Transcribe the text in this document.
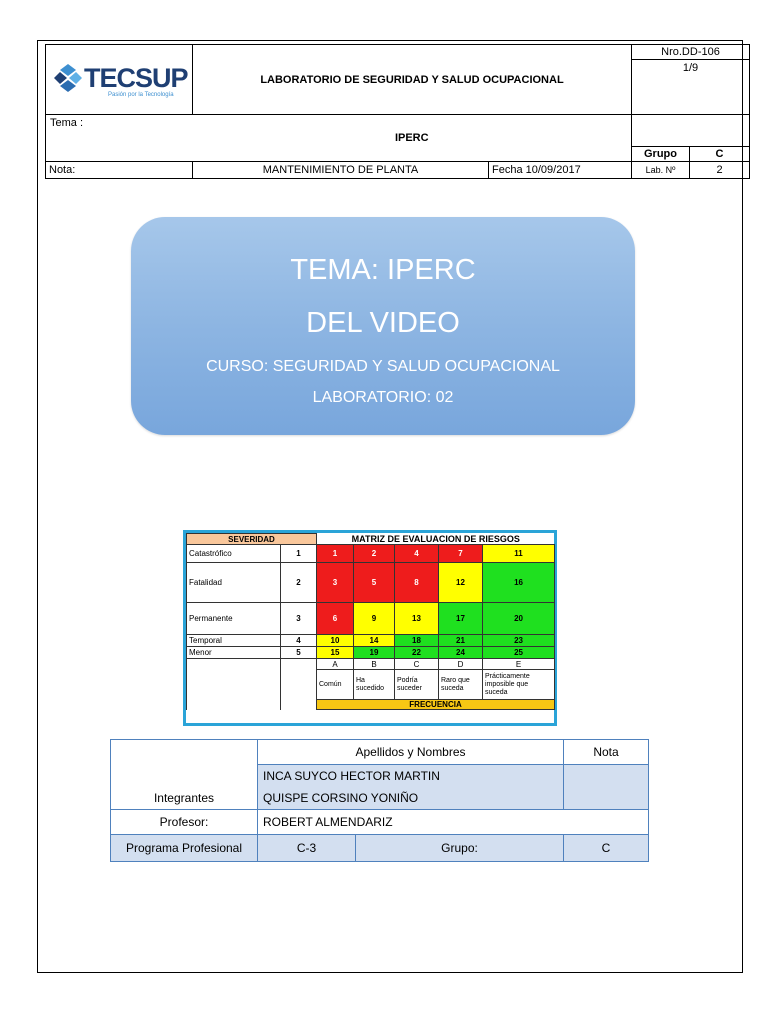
TECSUP
Pasión por la Tecnología	LABORATORIO DE SEGURIDAD Y SALUD OCUPACIONAL		Nro.DD-106	
			1/9	
Tema :	IPERC			
			Grupo	C
Nota:	MANTENIMIENTO DE PLANTA	Fecha 10/09/2017	Lab. Nº	2
TEMA: IPERC
DEL VIDEO
CURSO: SEGURIDAD Y SALUD OCUPACIONAL
LABORATORIO: 02
SEVERIDAD		MATRIZ DE EVALUACION DE RIESGOS				
Catastrófico	1	1	2	4	7	11
Fatalidad	2	3	5	8	12	16
Permanente	3	6	9	13	17	20
Temporal	4	10	14	18	21	23
Menor	5	15	19	22	24	25
		A	B	C	D	E
		Común	Ha sucedido	Podría suceder	Raro que suceda	Prácticamente imposible que suceda
		FRECUENCIA				
Integrantes	Apellidos y Nombres		Nota
	INCA SUYCO HECTOR MARTIN		
	QUISPE CORSINO YONIÑO		
Profesor:	ROBERT ALMENDARIZ		
Programa Profesional	C-3	Grupo:	C
